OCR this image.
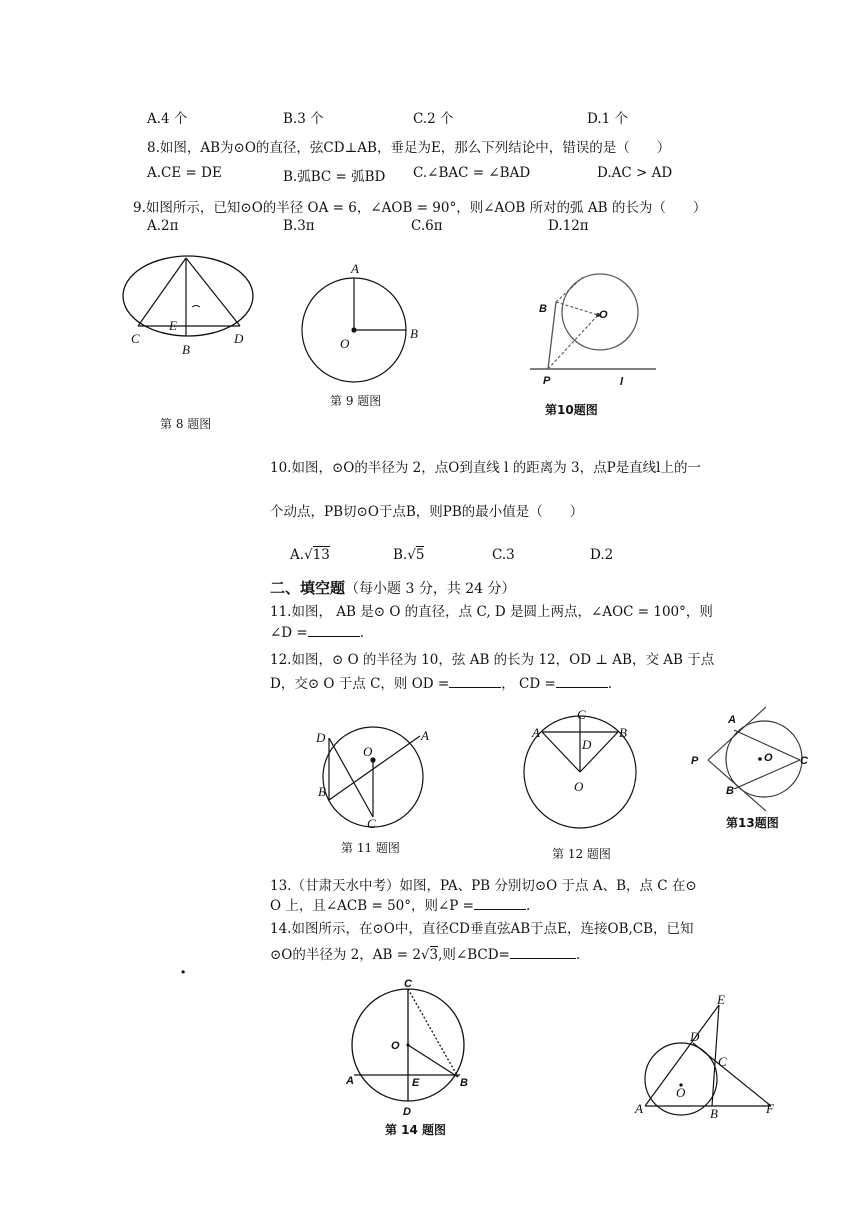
A.4 个	B.3 个	C.2 个	D.1 个
8.如图，AB为⊙O的直径，弦CD⊥AB，垂足为E，那么下列结论中，错误的是（　　）
A.CE = DE	B.弧BC = 弧BD C.∠BAC = ∠BAD	D.AC > AD
9.如图所示，已知⊙O的半径 OA = 6，∠AOB = 90°，则∠AOB 所对的弧 AB 的长为（　　）
A.2π	B.3π	C.6π	D.12π
C
E
B
D
第 8 题图
A
O
B
第 9 题图
B	O
P	l
第10题图
10.如图，⊙O的半径为 2，点O到直线 l 的距离为 3，点P是直线l上的一
个动点，PB切⊙O于点B，则PB的最小值是（　　）
A.√13	B.√5	C.3	D.2
二、填空题（每小题 3 分，共 24 分）
11.如图， AB 是⊙ O 的直径，点 C, D 是圆上两点，∠AOC = 100°，则
∠D =	.
12.如图，⊙ O 的半径为 10，弦 AB 的长为 12，OD ⊥ AB，交 AB 于点
D，交⊙ O 于点 C，则 OD =	， CD =	.
D
O
A
B
C
第 11 题图
C
A	B
D
O
第 12 题图
A
P	O C
B
第13题图
13.（甘肃天水中考）如图，PA、PB 分别切⊙O 于点 A、B，点 C 在⊙
O 上，且∠ACB = 50°，则∠P =	.
14.如图所示，在⊙O中，直径CD垂直弦AB于点E，连接OB,CB，已知
⊙O的半径为 2，AB = 2√3,则∠BCD=	.
·
C
O
A	E	B
D
第 14 题图
E
D
C
O
A	B	F
